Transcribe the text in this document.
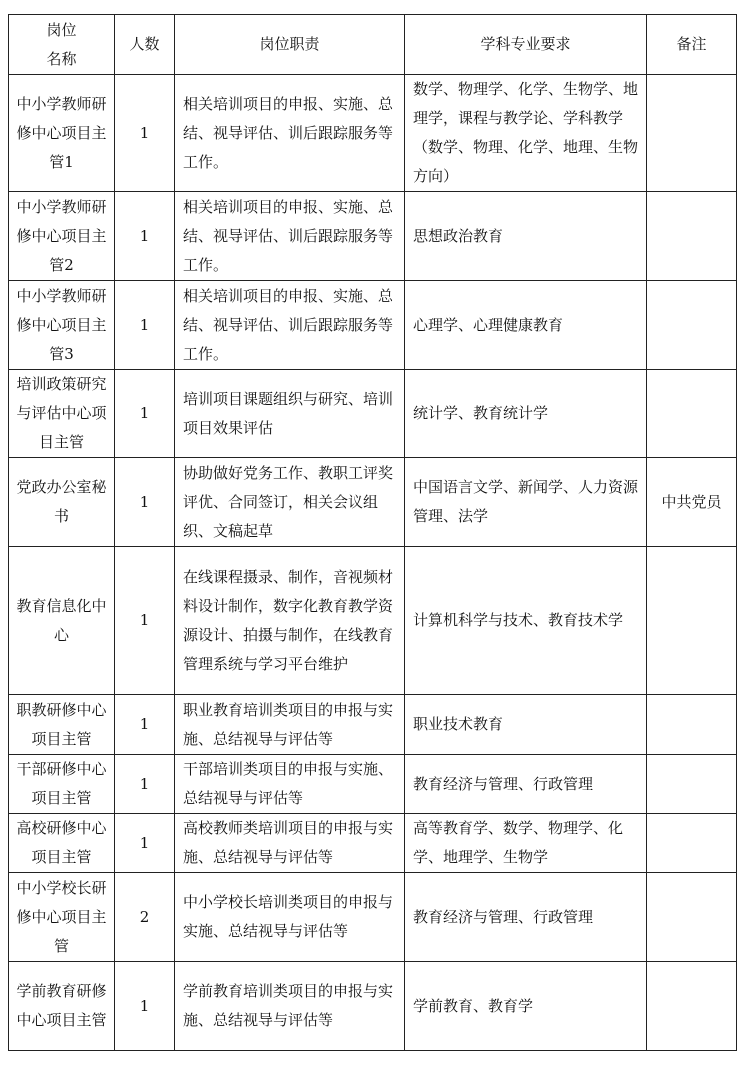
岗位
名称	人数	岗位职责	学科专业要求	备注
中小学教师研修中心项目主管1	1	相关培训项目的申报、实施、总结、视导评估、训后跟踪服务等工作。	数学、物理学、化学、生物学、地理学，课程与教学论、学科教学（数学、物理、化学、地理、生物方向）	
中小学教师研修中心项目主管2	1	相关培训项目的申报、实施、总结、视导评估、训后跟踪服务等工作。	思想政治教育	
中小学教师研修中心项目主管3	1	相关培训项目的申报、实施、总结、视导评估、训后跟踪服务等工作。	心理学、心理健康教育	
培训政策研究与评估中心项目主管	1	培训项目课题组织与研究、培训项目效果评估	统计学、教育统计学	
党政办公室秘书	1	协助做好党务工作、教职工评奖评优、合同签订，相关会议组织、文稿起草	中国语言文学、新闻学、人力资源管理、法学	中共党员
教育信息化中心	1	在线课程摄录、制作，音视频材料设计制作，数字化教育教学资源设计、拍摄与制作，在线教育管理系统与学习平台维护	计算机科学与技术、教育技术学	
职教研修中心项目主管	1	职业教育培训类项目的申报与实施、总结视导与评估等	职业技术教育	
干部研修中心项目主管	1	干部培训类项目的申报与实施、总结视导与评估等	教育经济与管理、行政管理	
高校研修中心项目主管	1	高校教师类培训项目的申报与实施、总结视导与评估等	高等教育学、数学、物理学、化学、地理学、生物学	
中小学校长研修中心项目主管	2	中小学校长培训类项目的申报与实施、总结视导与评估等	教育经济与管理、行政管理	
学前教育研修中心项目主管	1	学前教育培训类项目的申报与实施、总结视导与评估等	学前教育、教育学	
